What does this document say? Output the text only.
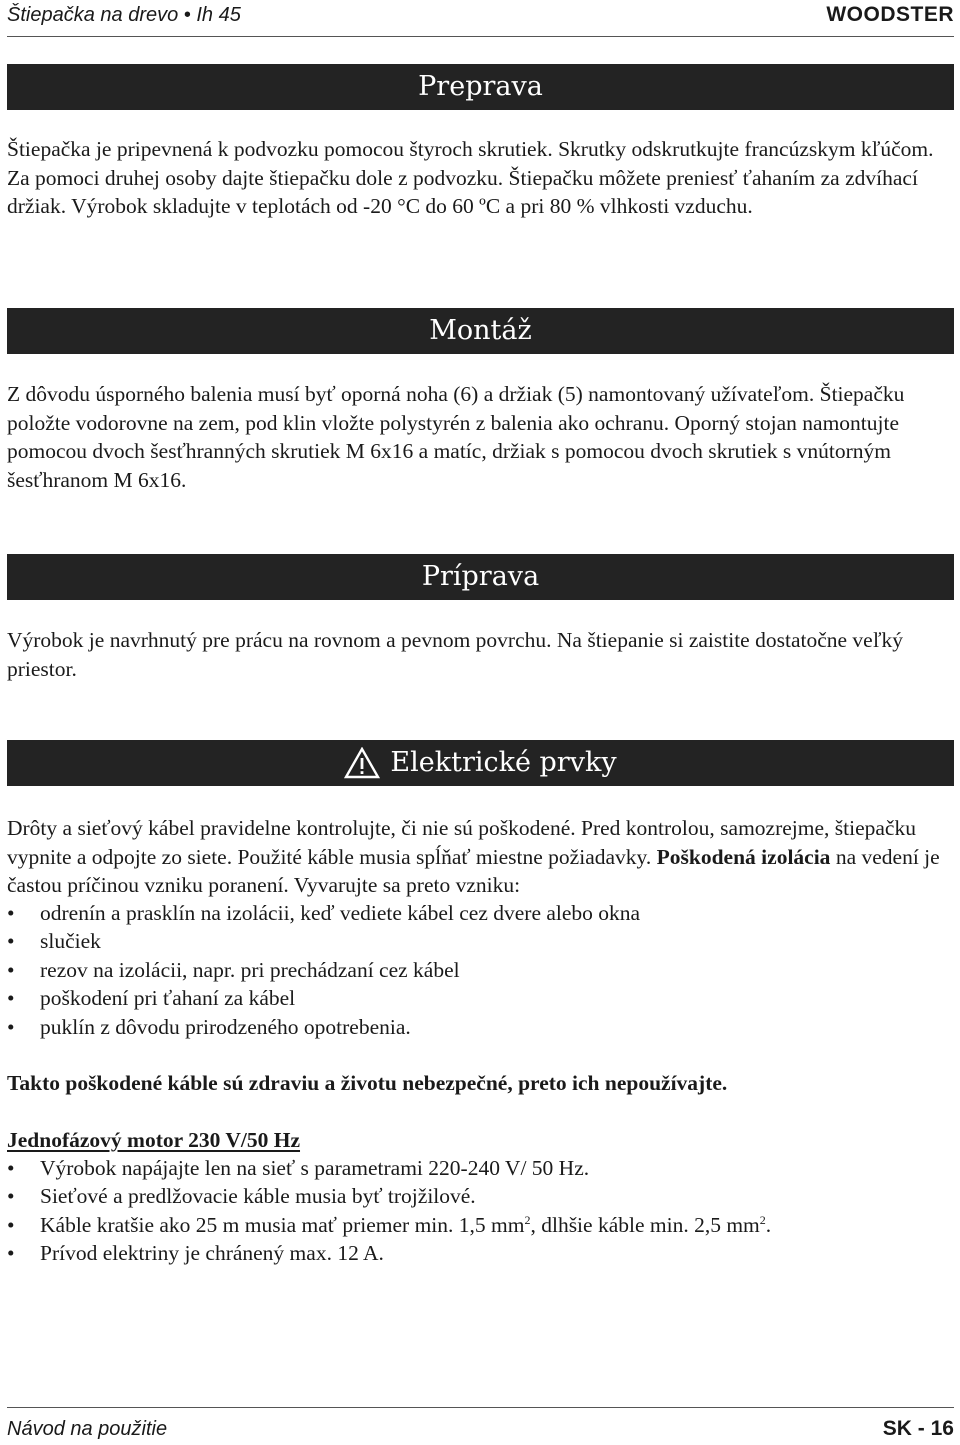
Štiepačka na drevo • Ih 45	WOODSTER
Preprava

Štiepačka je pripevnená k podvozku pomocou štyroch skrutiek. Skrutky odskrutkujte francúzskym kľúčom. Za pomoci druhej osoby dajte štiepačku dole z podvozku. Štiepačku môžete preniesť ťahaním za zdvíhací držiak. Výrobok skladujte v teplotách od -20 °C do 60 ºC a pri 80 % vlhkosti vzduchu.

Montáž

Z dôvodu úsporného balenia musí byť oporná noha (6) a držiak (5) namontovaný užívateľom. Štiepačku položte vodorovne na zem, pod klin vložte polystyrén z balenia ako ochranu. Oporný stojan namontujte pomocou dvoch šesťhranných skrutiek M 6x16 a matíc, držiak s pomocou dvoch skrutiek s vnútorným šesťhranom M 6x16.

Príprava

Výrobok je navrhnutý pre prácu na rovnom a pevnom povrchu. Na štiepanie si zaistite dostatočne veľký priestor.

Elektrické prvky

Drôty a sieťový kábel pravidelne kontrolujte, či nie sú poškodené. Pred kontrolou, samozrejme, štiepačku vypnite a odpojte zo siete. Použité káble musia spĺňať miestne požiadavky. Poškodená izolácia na vedení je častou príčinou vzniku poranení. Vyvarujte sa preto vzniku:

• odrenín a prasklín na izolácii, keď vediete kábel cez dvere alebo okna
• slučiek
• rezov na izolácii, napr. pri prechádzaní cez kábel
• poškodení pri ťahaní za kábel
• puklín z dôvodu prirodzeného opotrebenia.

Takto poškodené káble sú zdraviu a životu nebezpečné, preto ich nepoužívajte.

Jednofázový motor 230 V/50 Hz

• Výrobok napájajte len na sieť s parametrami 220-240 V/ 50 Hz.
• Sieťové a predlžovacie káble musia byť trojžilové.
• Káble kratšie ako 25 m musia mať priemer min. 1,5 $mm^2$, dlhšie káble min. 2,5 $mm^2$.
• Prívod elektriny je chránený max. 12 A.
Návod na použitie	SK - 16
